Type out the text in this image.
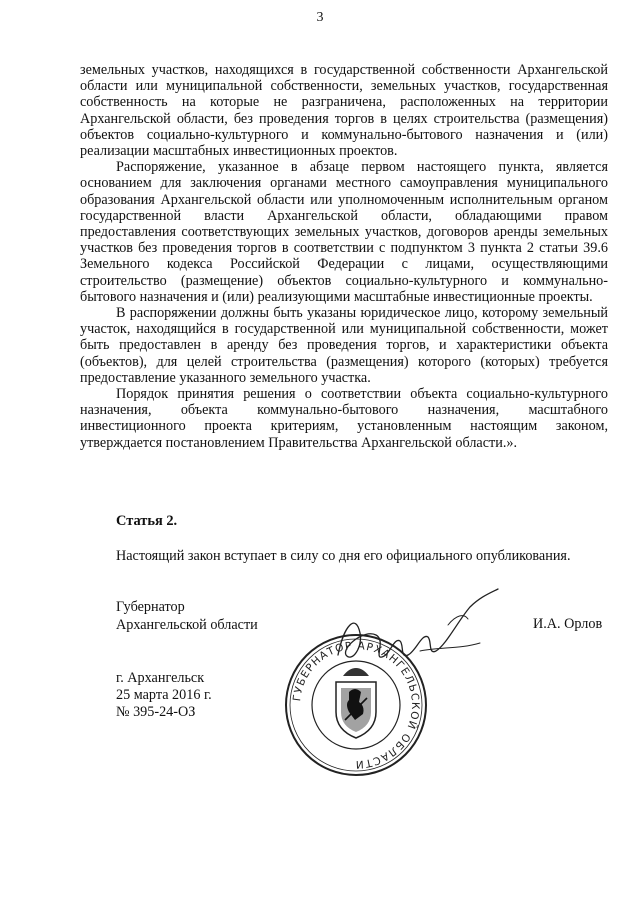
3

земельных участков, находящихся в государственной собственности Архангельской области или муниципальной собственности, земельных участков, государственная собственность на которые не разграничена, расположенных на территории Архангельской области, без проведения торгов в целях строительства (размещения) объектов социально-культурного и коммунально-бытового назначения и (или) реализации масштабных инвестиционных проектов.

Распоряжение, указанное в абзаце первом настоящего пункта, является основанием для заключения органами местного самоуправления муниципального образования Архангельской области или уполномоченным исполнительным органом государственной власти Архангельской области, обладающими правом предоставления соответствующих земельных участков, договоров аренды земельных участков без проведения торгов в соответствии с подпунктом 3 пункта 2 статьи 39.6 Земельного кодекса Российской Федерации с лицами, осуществляющими строительство (размещение) объектов социально-культурного и коммунально-бытового назначения и (или) реализующими масштабные инвестиционные проекты.

В распоряжении должны быть указаны юридическое лицо, которому земельный участок, находящийся в государственной или муниципальной собственности, может быть предоставлен в аренду без проведения торгов, и характеристики объекта (объектов), для целей строительства (размещения) которого (которых) требуется предоставление указанного земельного участка.

Порядок принятия решения о соответствии объекта социально-культурного назначения, объекта коммунально-бытового назначения, масштабного инвестиционного проекта критериям, установленным настоящим законом, утверждается постановлением Правительства Архангельской области.».

Статья 2.
Настоящий закон вступает в силу со дня его официального опубликования.
Губернатор
Архангельской области	И.А. Орлов
г. Архангельск
25 марта 2016 г.
№ 395-24-ОЗ
ГУБЕРНАТОР АРХАНГЕЛЬСКОЙ ОБЛАСТИ
